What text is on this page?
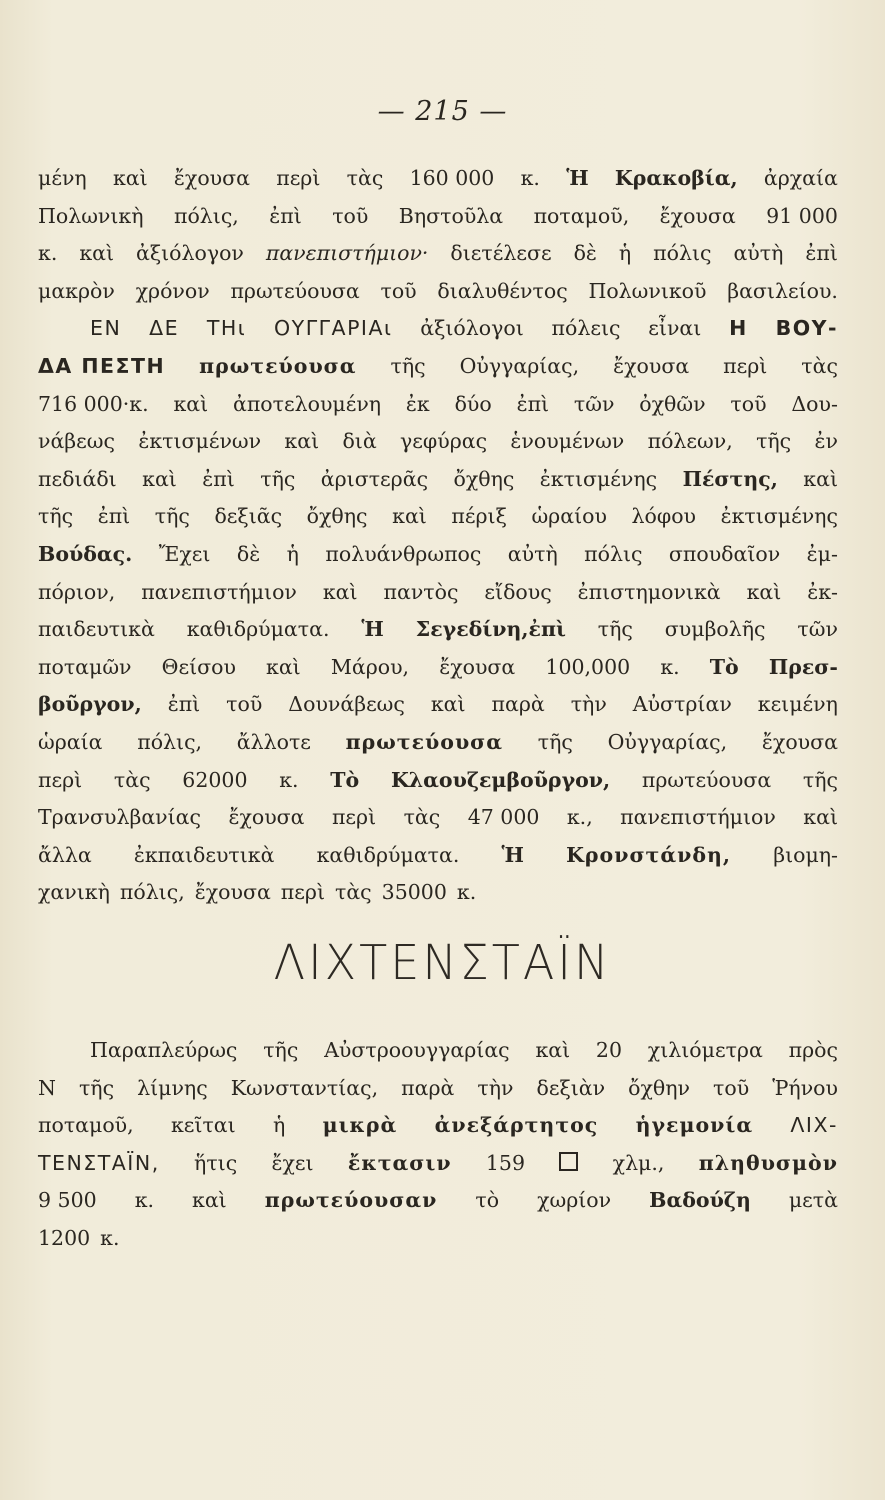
— 215 —
μένη καὶ ἔχουσα περὶ τὰς 160 000 κ. Ἡ Κρακοβία, ἀρχαία
Πολωνικὴ πόλις, ἐπὶ τοῦ Βηστοῦλα ποταμοῦ, ἔχουσα 91 000
κ. καὶ ἀξιόλογον πανεπιστήμιον· διετέλεσε δὲ ἡ πόλις αὐτὴ ἐπὶ
μακρὸν χρόνον πρωτεύουσα τοῦ διαλυθέντος Πολωνικοῦ βασιλείου.
ΕΝ ΔΕ ΤΗι ΟΥΓΓΑΡΙΑι ἀξιόλογοι πόλεις εἶναι Η ΒΟΥ-
ΔΑ ΠΕΣΤΗ πρωτεύουσα τῆς Οὐγγαρίας, ἔχουσα περὶ τὰς
716 000·κ. καὶ ἀποτελουμένη ἐκ δύο ἐπὶ τῶν ὀχθῶν τοῦ Δου-
νάβεως ἐκτισμένων καὶ διὰ γεφύρας ἑνουμένων πόλεων, τῆς ἐν
πεδιάδι καὶ ἐπὶ τῆς ἀριστερᾶς ὄχθης ἐκτισμένης Πέστης, καὶ
τῆς ἐπὶ τῆς δεξιᾶς ὄχθης καὶ πέριξ ὡραίου λόφου ἐκτισμένης
Βούδας. Ἔχει δὲ ἡ πολυάνθρωπος αὐτὴ πόλις σπουδαῖον ἐμ-
πόριον, πανεπιστήμιον καὶ παντὸς εἴδους ἐπιστημονικὰ καὶ ἐκ-
παιδευτικὰ καθιδρύματα. Ἡ Σεγεδίνη,ἐπὶ τῆς συμβολῆς τῶν
ποταμῶν Θείσου καὶ Μάρου, ἔχουσα 100,000 κ. Τὸ Πρεσ-
βοῦργον, ἐπὶ τοῦ Δουνάβεως καὶ παρὰ τὴν Αὐστρίαν κειμένη
ὡραία πόλις, ἄλλοτε πρωτεύουσα τῆς Οὐγγαρίας, ἔχουσα
περὶ τὰς 62000 κ. Τὸ Κλαουζεμβοῦργον, πρωτεύουσα τῆς
Τρανσυλβανίας ἔχουσα περὶ τὰς 47 000 κ., πανεπιστήμιον καὶ
ἄλλα ἐκπαιδευτικὰ καθιδρύματα. Ἡ Κρονστάνδη, βιομη-
χανικὴ πόλις, ἔχουσα περὶ τὰς 35000 κ.
ΛΙΧΤΕΝΣΤΑΪΝ
Παραπλεύρως τῆς Αὐστροουγγαρίας καὶ 20 χιλιόμετρα πρὸς
Ν τῆς λίμνης Κωνσταντίας, παρὰ τὴν δεξιὰν ὄχθην τοῦ Ῥήνου
ποταμοῦ, κεῖται ἡ μικρὰ ἀνεξάρτητος ἡγεμονία ΛΙΧ-
ΤΕΝΣΤΑΪΝ, ἥτις ἔχει ἔκτασιν 159	χλμ., πληθυσμὸν
9 500 κ. καὶ πρωτεύουσαν τὸ χωρίον Βαδούζη μετὰ
1200 κ.
